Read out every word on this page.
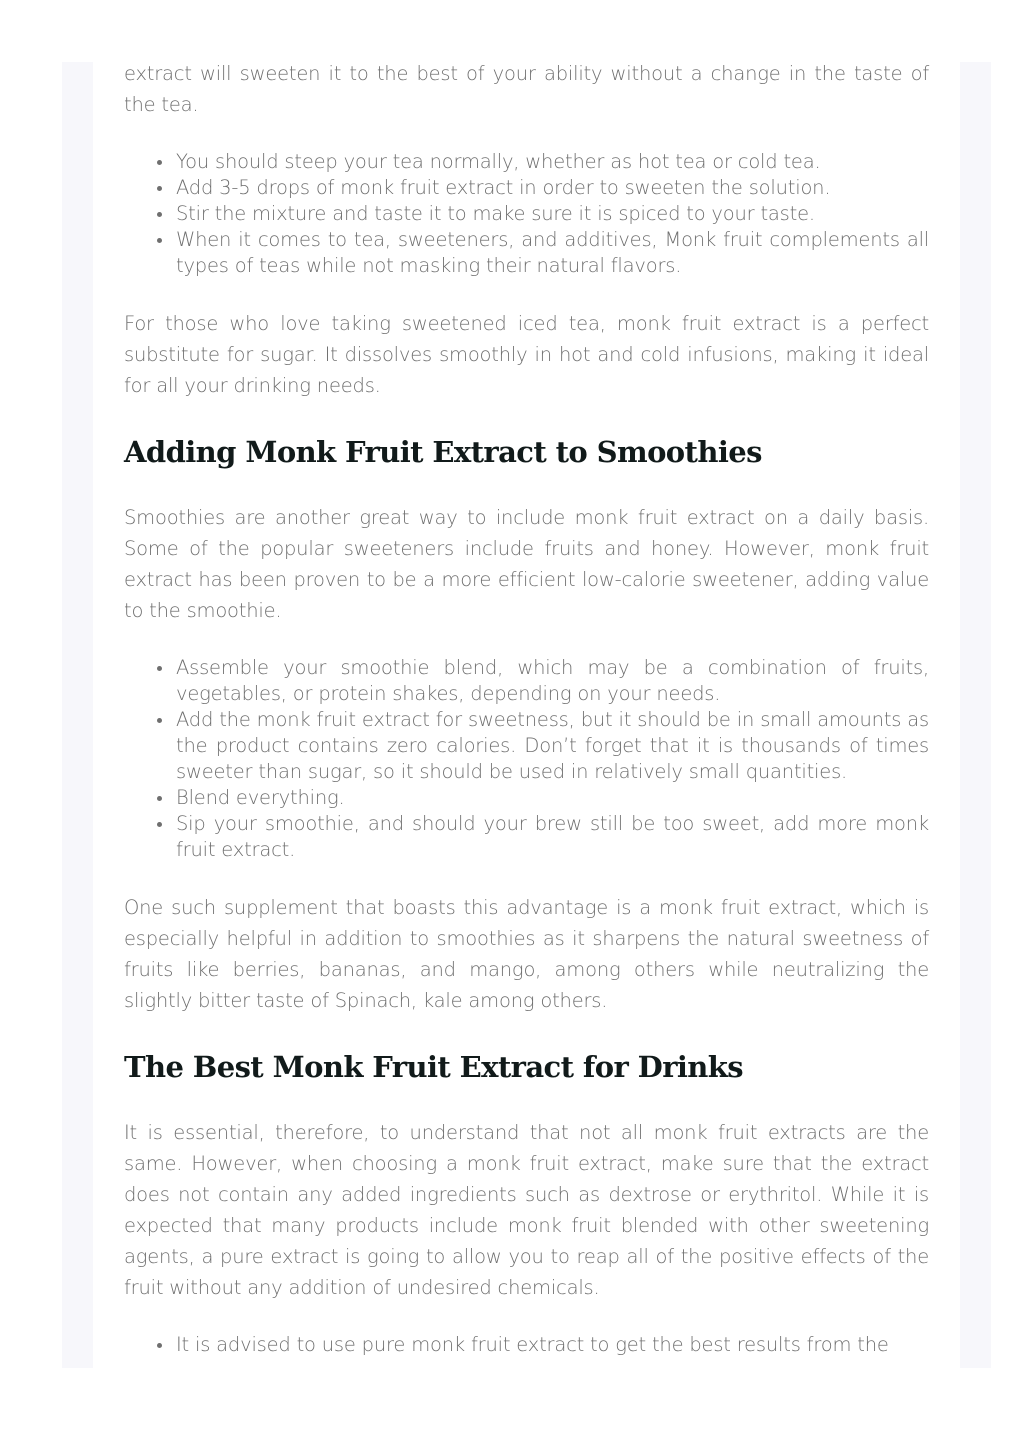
extract will sweeten it to the best of your ability without a change in the taste of the tea.

You should steep your tea normally, whether as hot tea or cold tea.
Add 3-5 drops of monk fruit extract in order to sweeten the solution.
Stir the mixture and taste it to make sure it is spiced to your taste.
When it comes to tea, sweeteners, and additives, Monk fruit complements all types of teas while not masking their natural flavors.

For those who love taking sweetened iced tea, monk fruit extract is a perfect substitute for sugar. It dissolves smoothly in hot and cold infusions, making it ideal for all your drinking needs.

Adding Monk Fruit Extract to Smoothies

Smoothies are another great way to include monk fruit extract on a daily basis. Some of the popular sweeteners include fruits and honey. However, monk fruit extract has been proven to be a more efficient low-calorie sweetener, adding value to the smoothie.

Assemble your smoothie blend, which may be a combination of fruits, vegetables, or protein shakes, depending on your needs.
Add the monk fruit extract for sweetness, but it should be in small amounts as the product contains zero calories. Don’t forget that it is thousands of times sweeter than sugar, so it should be used in relatively small quantities.
Blend everything.
Sip your smoothie, and should your brew still be too sweet, add more monk fruit extract.

One such supplement that boasts this advantage is a monk fruit extract, which is especially helpful in addition to smoothies as it sharpens the natural sweetness of fruits like berries, bananas, and mango, among others while neutralizing the slightly bitter taste of Spinach, kale among others.

The Best Monk Fruit Extract for Drinks

It is essential, therefore, to understand that not all monk fruit extracts are the same. However, when choosing a monk fruit extract, make sure that the extract does not contain any added ingredients such as dextrose or erythritol. While it is expected that many products include monk fruit blended with other sweetening agents, a pure extract is going to allow you to reap all of the positive effects of the fruit without any addition of undesired chemicals.

It is advised to use pure monk fruit extract to get the best results from the
